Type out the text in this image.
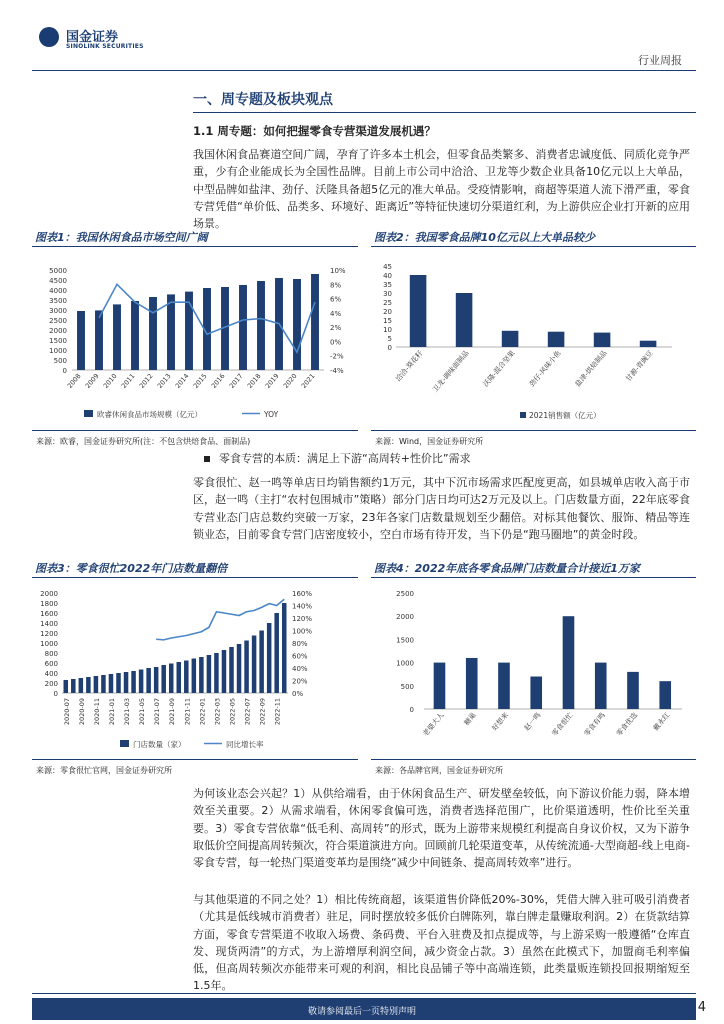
国金证券
SINOLINK SECURITIES
行业周报
一、周专题及板块观点
1.1 周专题：如何把握零食专营渠道发展机遇？
我国休闲食品赛道空间广阔，孕育了许多本土机会，但零食品类繁多、消费者忠诚度低、同质化竞争严重，少有企业能成长为全国性品牌。目前上市公司中洽洽、卫龙等少数企业具备10亿元以上大单品，中型品牌如盐津、劲仔、沃隆具备超5亿元的准大单品。受疫情影响，商超等渠道人流下滑严重，零食专营凭借“单价低、品类多、环境好、距离近”等特征快速切分渠道红利，为上游供应企业打开新的应用场景。
图表1：我国休闲食品市场空间广阔	图表2：我国零食品牌10亿元以上大单品较少
0
500
1000
1500
2000
2500
3000
3500
4000
4500
5000
-4%
-2%
0%
2%
4%
6%
8%
10%
2008 2009 2010 2011 2012 2013 2014 2015 2016 2017 2018 2019 2020 2021
欧睿休闲食品市场规模（亿元）	YOY
0
5
10
15
20
25
30
35
40
45
洽洽-葵花籽 卫龙-调味面制品 沃隆-混合坚果 劲仔-风味小鱼 盐津-烘焙制品 甘源-青豌豆
2021销售额（亿元）
来源：欧睿，国金证券研究所(注：不包含烘焙食品、面制品)	来源：Wind，国金证券研究所
零食专营的本质：满足上下游“高周转+性价比”需求
零食很忙、赵一鸣等单店日均销售额约1万元，其中下沉市场需求匹配度更高，如县城单店收入高于市区，赵一鸣（主打“农村包围城市”策略）部分门店日均可达2万元及以上。门店数量方面，22年底零食专营业态门店总数约突破一万家，23年各家门店数量规划至少翻倍。对标其他餐饮、服饰、精品等连锁业态，目前零食专营门店密度较小，空白市场有待开发，当下仍是“跑马圈地”的黄金时段。
图表3：零食很忙2022年门店数量翻倍	图表4：2022年底各零食品牌门店数量合计接近1万家
0
200
400
600
800
1000
1200
1400
1600
1800
2000
0%
20%
40%
60%
80%
100%
120%
140%
160%
2020-07 2020-09 2020-11 2021-01 2021-03 2021-05 2021-07 2021-09 2021-11 2022-01 2022-03 2022-05 2022-07 2022-09 2022-11
门店数量（家）	同比增长率
0
500
1000
1500
2000
2500
老婆大人 糖巢 好想来 赵一鸣 零食很忙 零食有鸣 零食优选 戴永红
来源：零食很忙官网，国金证券研究所	来源：各品牌官网，国金证券研究所
为何该业态会兴起？1）从供给端看，由于休闲食品生产、研发壁垒较低，向下游议价能力弱，降本增效至关重要。2）从需求端看，休闲零食偏可选，消费者选择范围广，比价渠道透明，性价比至关重要。3）零食专营依靠“低毛利、高周转”的形式，既为上游带来规模红利提高自身议价权，又为下游争取低价空间提高周转频次，符合渠道演进方向。回顾前几轮渠道变革，从传统流通-大型商超-线上电商-零食专营，每一轮热门渠道变革均是围绕“减少中间链条、提高周转效率”进行。
与其他渠道的不同之处？1）相比传统商超，该渠道售价降低20%-30%，凭借大牌入驻可吸引消费者（尤其是低线城市消费者）驻足，同时摆放较多低价白牌陈列，靠白牌走量赚取利润。2）在货款结算方面，零食专营渠道不收取入场费、条码费、平台入驻费及扣点提成等，与上游采购一般遵循“仓库直发、现货两清”的方式，为上游增厚利润空间，减少资金占款。3）虽然在此模式下，加盟商毛利率偏低，但高周转频次亦能带来可观的利润，相比良品铺子等中高端连锁，此类量贩连锁投回报期缩短至1.5年。
敬请参阅最后一页特别声明	4
